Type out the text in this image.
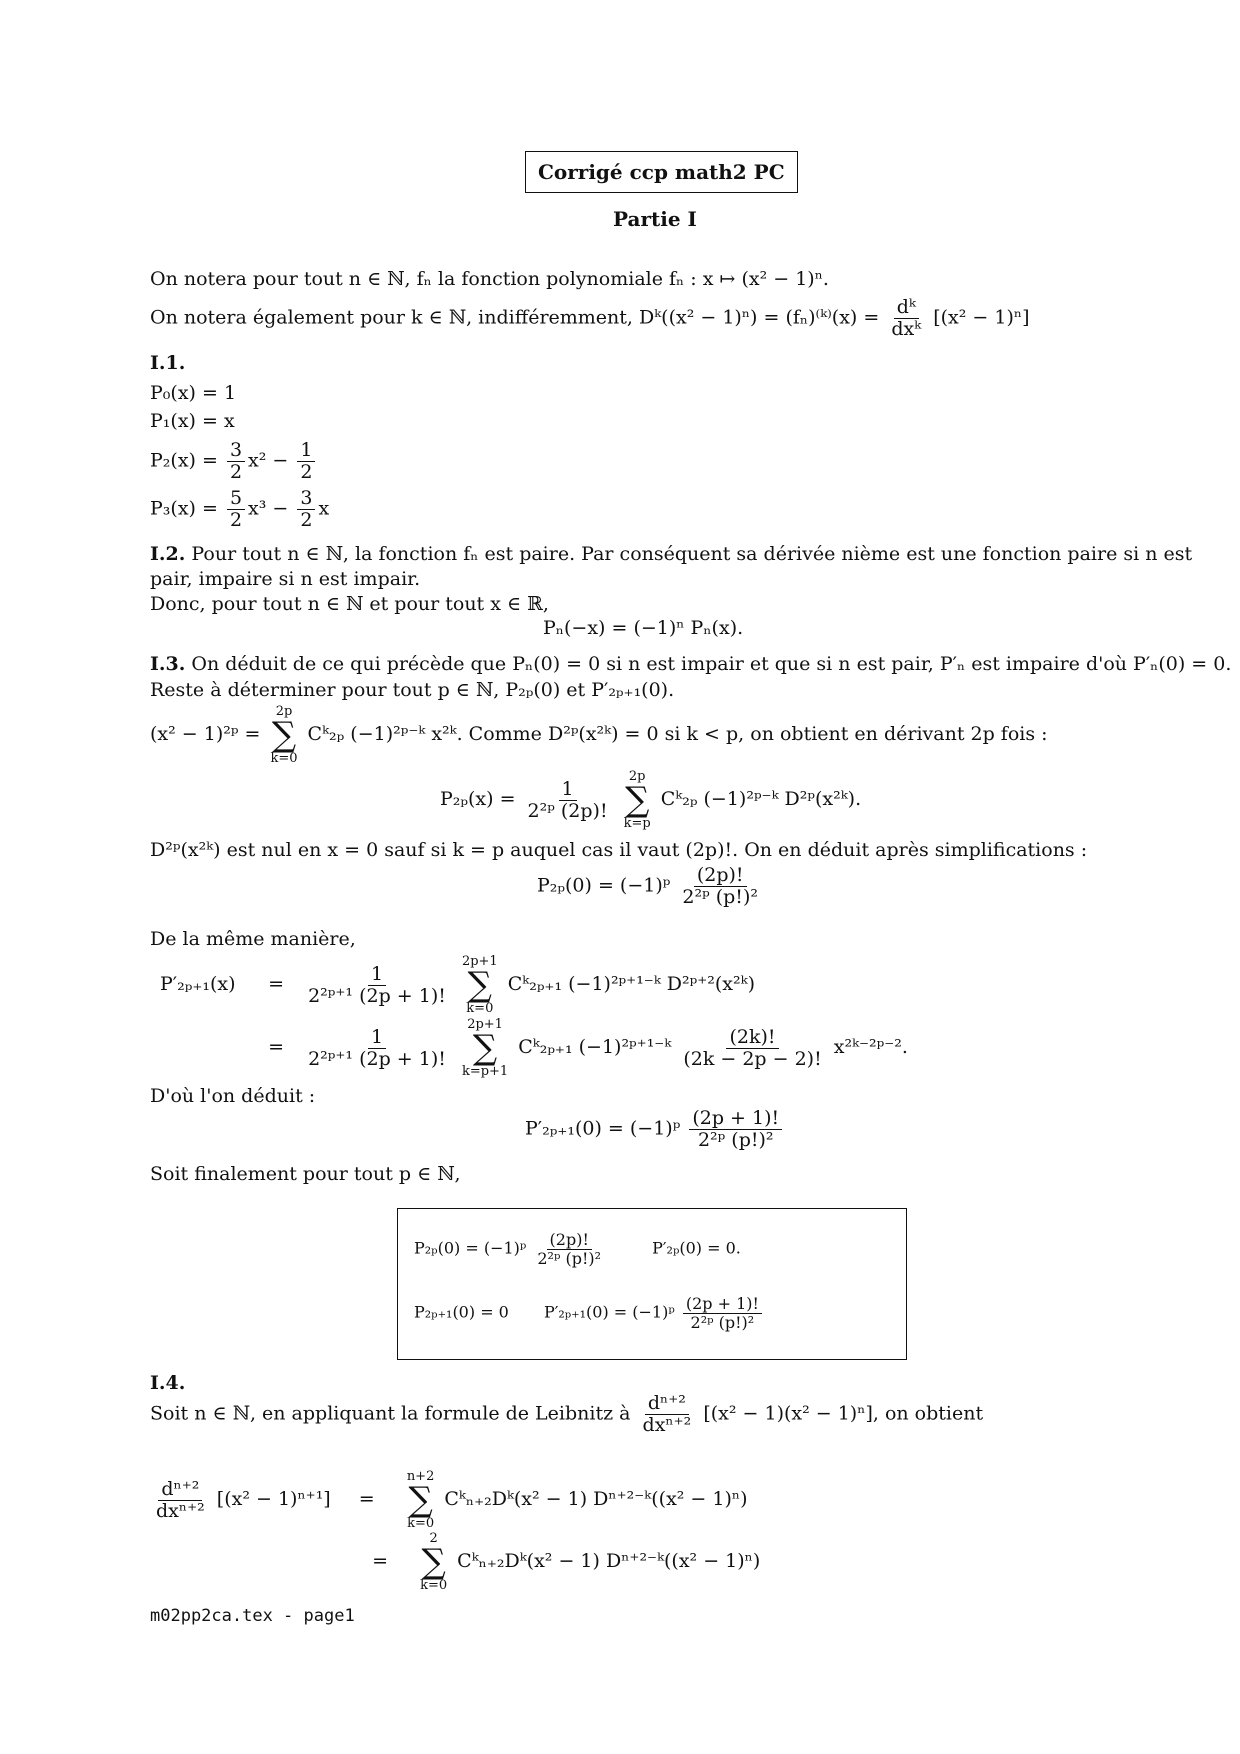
Corrigé ccp math2 PC
Partie I
On notera pour tout n ∈ ℕ, fₙ la fonction polynomiale fₙ : x ↦ (x² − 1)ⁿ.
On notera également pour k ∈ ℕ, indifféremment, Dᵏ((x² − 1)ⁿ) = (fₙ)⁽ᵏ⁾(x) = $\frac{\text{dᵏ}}{\text{dxᵏ}} [(x^2 - 1)^n]$
I.1.
P₀(x) = 1
P₁(x) = x
$P_2(x) = \frac{3}{2} x^2 - \frac{1}{2}$
$P_3(x) = \frac{5}{2} x^3 - \frac{3}{2}$ x
I.2. Pour tout n ∈ ℕ, la fonction fₙ est paire. Par conséquent sa dérivée nième est une fonction paire si n est
pair, impaire si n est impair.
Donc, pour tout n ∈ ℕ et pour tout x ∈ ℝ,
Pₙ(−x) = (−1)ⁿ Pₙ(x).
I.3. On déduit de ce qui précède que Pₙ(0) = 0 si n est impair et que si n est pair, P′ₙ est impaire d'où P′ₙ(0) = 0.
Reste à déterminer pour tout p ∈ ℕ, P₂ₚ(0) et P′₂ₚ₊₁(0).
(x² − 1)²ᵖ =
2p
∑
k=0
Cᵏ₂ₚ (−1)²ᵖ⁻ᵏ x²ᵏ. Comme D²ᵖ(x²ᵏ) = 0 si k < p, on obtient en dérivant 2p fois :
$P_{2p}(x) = \frac{1}{\text{2²ᵖ (2p)!}}$

2p
∑
k=p
Cᵏ₂ₚ (−1)²ᵖ⁻ᵏ D²ᵖ(x²ᵏ).
D²ᵖ(x²ᵏ) est nul en x = 0 sauf si k = p auquel cas il vaut (2p)!. On en déduit après simplifications :
P₂ₚ(0) = (−1)ᵖ $\frac{(2p)!}{\text{2²ᵖ (p!)²}}$
De la même manière,
$P'_{2p+1}(x) = \frac{1}{\text{2²ᵖ⁺¹ (2p + 1)!}}$

2p+1
∑
k=0
Cᵏ₂ₚ₊₁ (−1)²ᵖ⁺¹⁻ᵏ D²ᵖ⁺²(x²ᵏ)
= $\frac{1}{\text{2²ᵖ⁺¹ (2p + 1)!}}$

2p+1
∑
k=p+1
Cᵏ₂ₚ₊₁ (−1)²ᵖ⁺¹⁻ᵏ $\frac{(2k)!}{(2k - 2p - 2)!}$ x²ᵏ⁻²ᵖ⁻².
D'où l'on déduit :
P′₂ₚ₊₁(0) = (−1)ᵖ $\frac{(2p + 1)!}{\text{2²ᵖ (p!)²}}$
Soit finalement pour tout p ∈ ℕ,
P₂ₚ(0) = (−1)ᵖ $\frac{(2p)!}{\text{2²ᵖ (p!)²}}$	P′₂ₚ(0) = 0.
P₂ₚ₊₁(0) = 0 P′₂ₚ₊₁(0) = (−1)ᵖ $\frac{(2p + 1)!}{\text{2²ᵖ (p!)²}}$
I.4.
Soit n ∈ ℕ, en appliquant la formule de Leibnitz à $\frac{\text{dⁿ⁺²}}{\text{dxⁿ⁺²}} [(x^2 - 1)(x^2 - 1)^n]$, on obtient
$\frac{\text{dⁿ⁺²}}{\text{dxⁿ⁺²}} [(x^2 - 1)^{n+1}]$ =
n+2
∑
k=0
Cᵏₙ₊₂Dᵏ(x² − 1) Dⁿ⁺²⁻ᵏ((x² − 1)ⁿ)
=
2
∑
k=0
Cᵏₙ₊₂Dᵏ(x² − 1) Dⁿ⁺²⁻ᵏ((x² − 1)ⁿ)
m02pp2ca.tex - page1
